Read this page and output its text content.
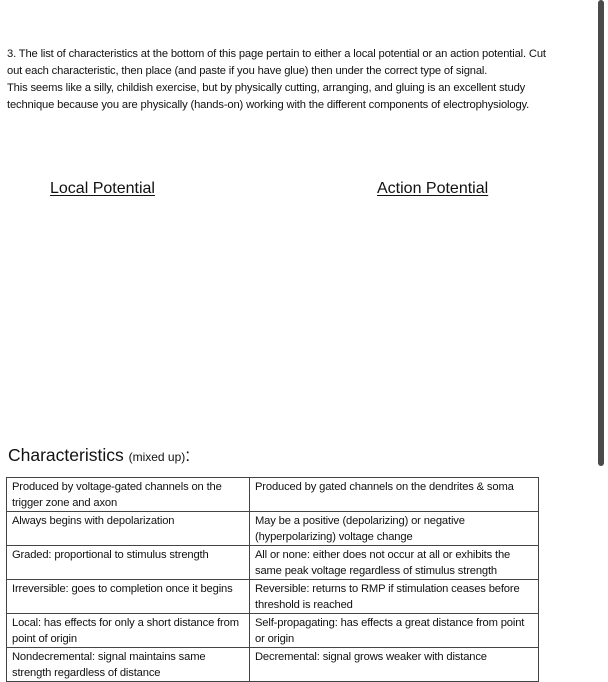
3. The list of characteristics at the bottom of this page pertain to either a local potential or an action potential. Cut out each characteristic, then place (and paste if you have glue) then under the correct type of signal.

This seems like a silly, childish exercise, but by physically cutting, arranging, and gluing is an excellent study technique because you are physically (hands-on) working with the different components of electrophysiology.

Local Potential	Action Potential
Characteristics (mixed up):
Produced by voltage-gated channels on the trigger zone and axon	Produced by gated channels on the dendrites & soma
Always begins with depolarization	May be a positive (depolarizing) or negative (hyperpolarizing) voltage change
Graded: proportional to stimulus strength	All or none: either does not occur at all or exhibits the same peak voltage regardless of stimulus strength
Irreversible: goes to completion once it begins	Reversible: returns to RMP if stimulation ceases before threshold is reached
Local: has effects for only a short distance from point of origin	Self-propagating: has effects a great distance from point or origin
Nondecremental: signal maintains same strength regardless of distance	Decremental: signal grows weaker with distance
